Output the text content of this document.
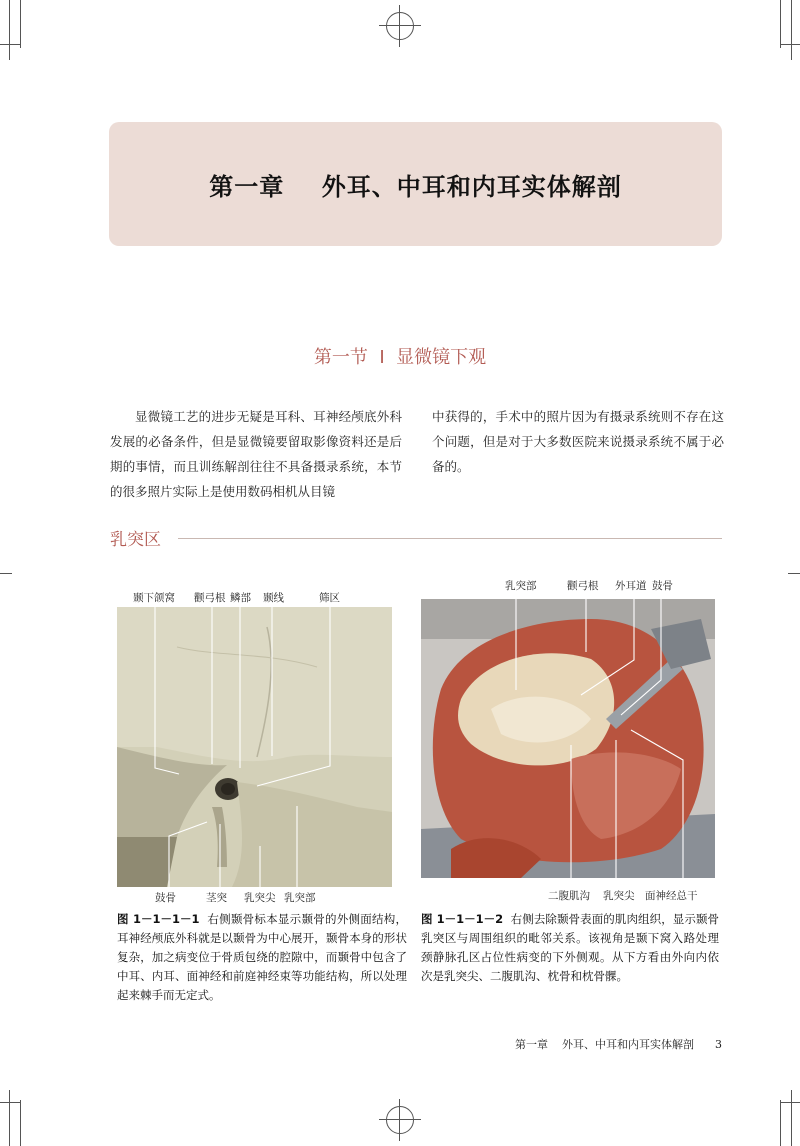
第一章    外耳、中耳和内耳实体解剖
第一节  Ⅰ  显微镜下观
显微镜工艺的进步无疑是耳科、耳神经颅底外科发展的必备条件，但是显微镜要留取影像资料还是后期的事情，而且训练解剖往往不具备摄录系统，本节的很多照片实际上是使用数码相机从目镜
中获得的，手术中的照片因为有摄录系统则不存在这个问题，但是对于大多数医院来说摄录系统不属于必备的。
乳突区
颞下颌窝 颧弓根 鳞部 颞线	筛区
鼓骨	茎突 乳突尖 乳突部
乳突部	颧弓根 外耳道 鼓骨
二腹肌沟 乳突尖 面神经总干
图 1－1－1－1 右侧颞骨标本显示颞骨的外侧面结构，耳神经颅底外科就是以颞骨为中心展开，颞骨本身的形状复杂，加之病变位于骨质包绕的腔隙中，而颞骨中包含了中耳、内耳、面神经和前庭神经束等功能结构，所以处理起来棘手而无定式。
图 1－1－1－2 右侧去除颞骨表面的肌肉组织，显示颞骨乳突区与周围组织的毗邻关系。该视角是颞下窝入路处理颈静脉孔区占位性病变的下外侧观。从下方看由外向内依次是乳突尖、二腹肌沟、枕骨和枕骨髁。
第一章    外耳、中耳和内耳实体解剖 3
